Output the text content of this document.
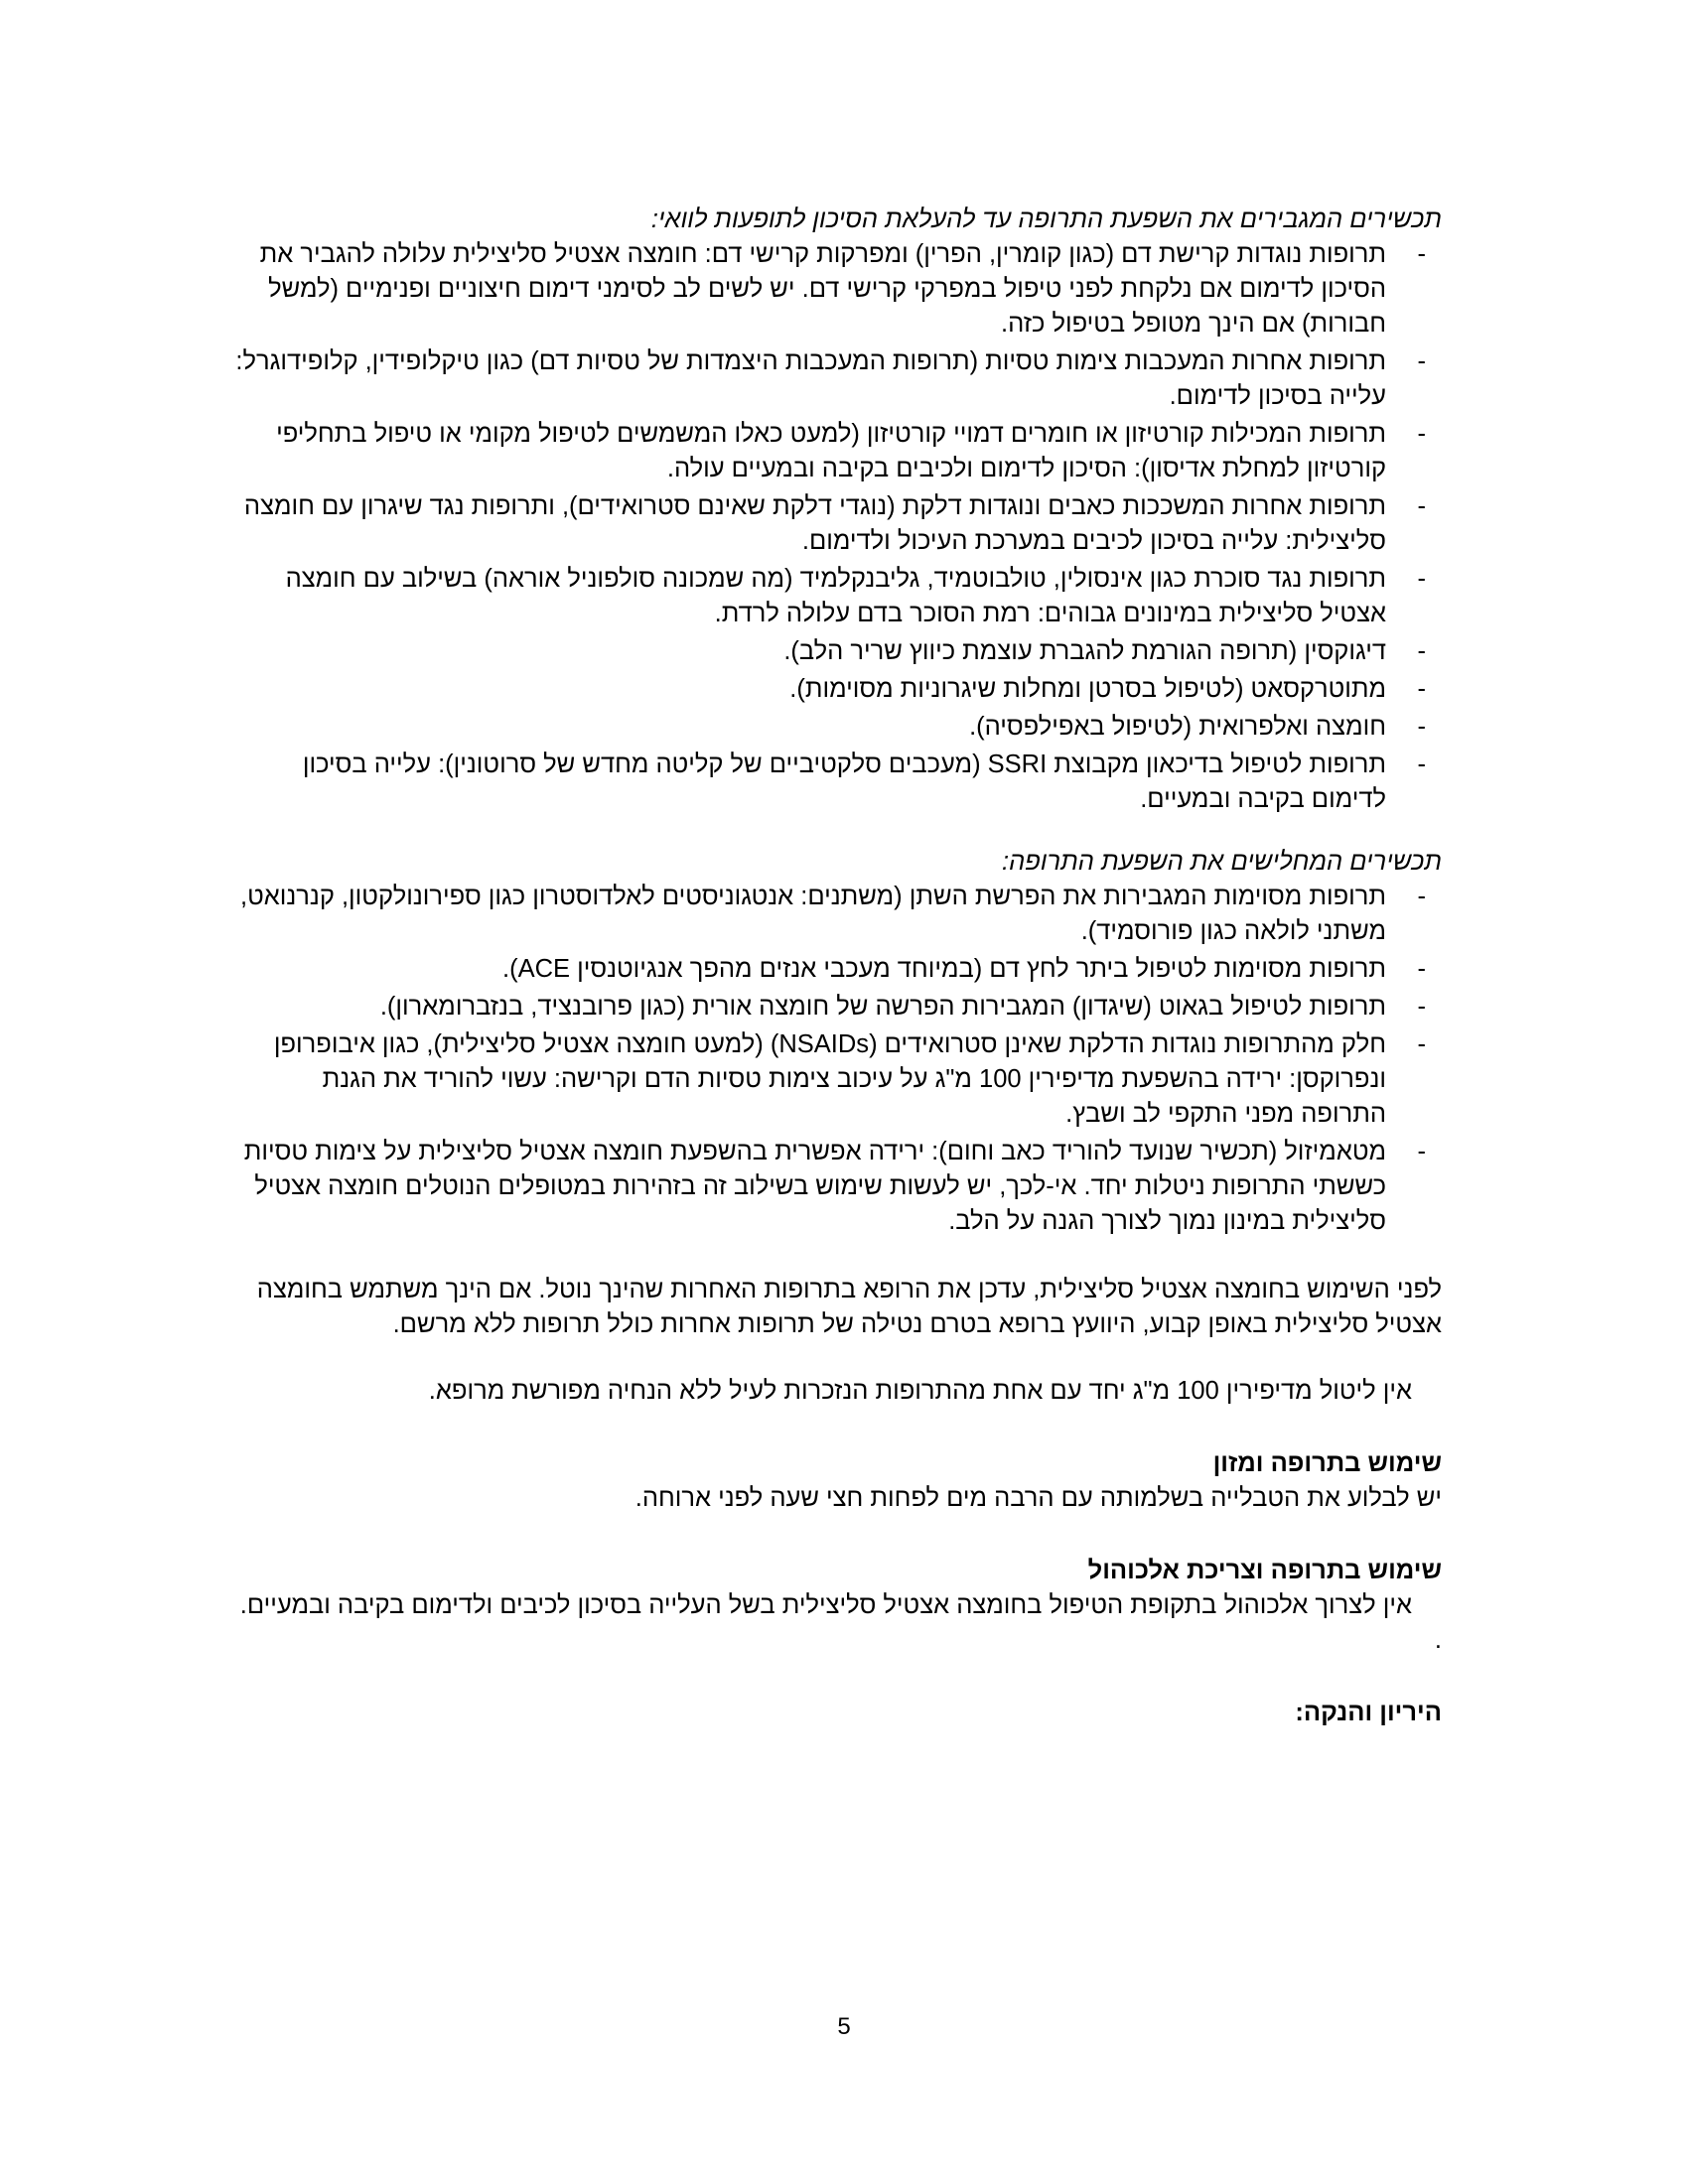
תכשירים המגבירים את השפעת התרופה עד להעלאת הסיכון לתופעות לוואי:

- תרופות נוגדות קרישת דם (כגון קומרין, הפרין) ומפרקות קרישי דם: חומצה אצטיל סליצילית עלולה להגביר את הסיכון לדימום אם נלקחת לפני טיפול במפרקי קרישי דם. יש לשים לב לסימני דימום חיצוניים ופנימיים (למשל חבורות) אם הינך מטופל בטיפול כזה.
- תרופות אחרות המעכבות צימות טסיות (תרופות המעכבות היצמדות של טסיות דם) כגון טיקלופידין, קלופידוגרל: עלייה בסיכון לדימום.
- תרופות המכילות קורטיזון או חומרים דמויי קורטיזון (למעט כאלו המשמשים לטיפול מקומי או טיפול בתחליפי קורטיזון למחלת אדיסון): הסיכון לדימום ולכיבים בקיבה ובמעיים עולה.
- תרופות אחרות המשככות כאבים ונוגדות דלקת (נוגדי דלקת שאינם סטרואידים), ותרופות נגד שיגרון עם חומצה סליצילית: עלייה בסיכון לכיבים במערכת העיכול ולדימום.
- תרופות נגד סוכרת כגון אינסולין, טולבוטמיד, גליבנקלמיד (מה שמכונה סולפוניל אוראה) בשילוב עם חומצה אצטיל סליצילית במינונים גבוהים: רמת הסוכר בדם עלולה לרדת.
- דיגוקסין (תרופה הגורמת להגברת עוצמת כיווץ שריר הלב).
- מתוטרקסאט (לטיפול בסרטן ומחלות שיגרוניות מסוימות).
- חומצה ואלפרואית (לטיפול באפילפסיה).
- תרופות לטיפול בדיכאון מקבוצת SSRI (מעכבים סלקטיביים של קליטה מחדש של סרוטונין): עלייה בסיכון לדימום בקיבה ובמעיים.

תכשירים המחלישים את השפעת התרופה:

- תרופות מסוימות המגבירות את הפרשת השתן (משתנים: אנטגוניסטים לאלדוסטרון כגון ספירונולקטון, קנרנואט, משתני לולאה כגון פורוסמיד).
- תרופות מסוימות לטיפול ביתר לחץ דם (במיוחד מעכבי אנזים מהפך אנגיוטנסין ACE).
- תרופות לטיפול בגאוט (שיגדון) המגבירות הפרשה של חומצה אורית (כגון פרובנציד, בנזברומארון).
- חלק מהתרופות נוגדות הדלקת שאינן סטרואידים (NSAIDs) (למעט חומצה אצטיל סליצילית), כגון איבופרופן ונפרוקסן: ירידה בהשפעת מדיפירין 100 מ"ג על עיכוב צימות טסיות הדם וקרישה: עשוי להוריד את הגנת התרופה מפני התקפי לב ושבץ.
- מטאמיזול (תכשיר שנועד להוריד כאב וחום): ירידה אפשרית בהשפעת חומצה אצטיל סליצילית על צימות טסיות כששתי התרופות ניטלות יחד. אי-לכך, יש לעשות שימוש בשילוב זה בזהירות במטופלים הנוטלים חומצה אצטיל סליצילית במינון נמוך לצורך הגנה על הלב.

לפני השימוש בחומצה אצטיל סליצילית, עדכן את הרופא בתרופות האחרות שהינך נוטל. אם הינך משתמש בחומצה אצטיל סליצילית באופן קבוע, היוועץ ברופא בטרם נטילה של תרופות אחרות כולל תרופות ללא מרשם.

אין ליטול מדיפירין 100 מ"ג יחד עם אחת מהתרופות הנזכרות לעיל ללא הנחיה מפורשת מרופא.

שימוש בתרופה ומזון

יש לבלוע את הטבלייה בשלמותה עם הרבה מים לפחות חצי שעה לפני ארוחה.

שימוש בתרופה וצריכת אלכוהול

אין לצרוך אלכוהול בתקופת הטיפול בחומצה אצטיל סליצילית בשל העלייה בסיכון לכיבים ולדימום בקיבה ובמעיים.

.

היריון והנקה:

5
